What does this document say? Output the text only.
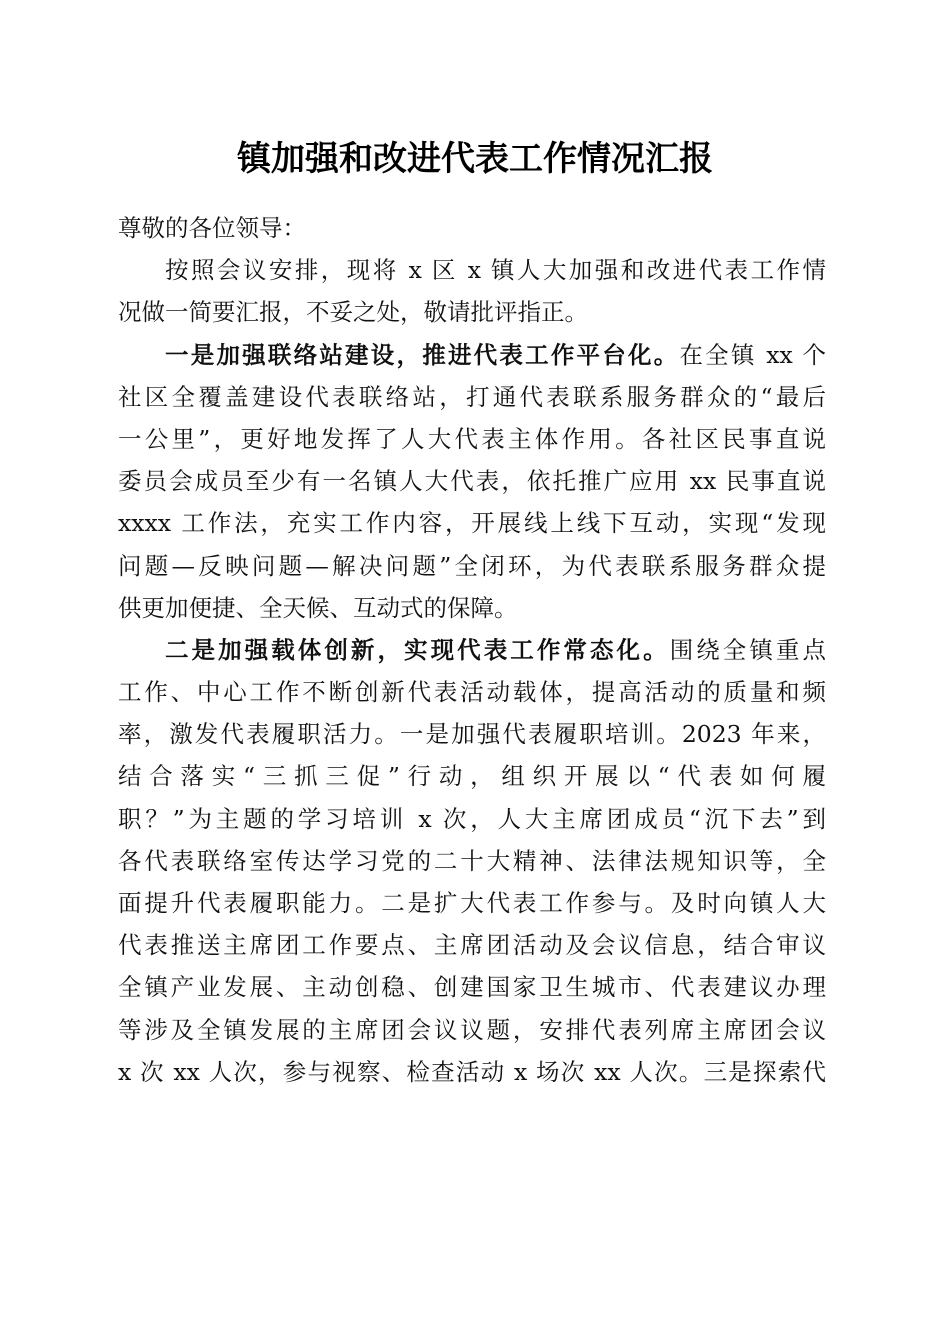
镇加强和改进代表工作情况汇报
尊敬的各位领导：
按照会议安排，现将 x 区 x 镇人大加强和改进代表工作情
况做一简要汇报，不妥之处，敬请批评指正。
一是加强联络站建设，推进代表工作平台化。在全镇 xx 个
社区全覆盖建设代表联络站，打通代表联系服务群众的“最后
一公里”，更好地发挥了人大代表主体作用。各社区民事直说
委员会成员至少有一名镇人大代表，依托推广应用 xx 民事直说
xxxx 工作法，充实工作内容，开展线上线下互动，实现“发现
问题—反映问题—解决问题”全闭环，为代表联系服务群众提
供更加便捷、全天候、互动式的保障。
二是加强载体创新，实现代表工作常态化。围绕全镇重点
工作、中心工作不断创新代表活动载体，提高活动的质量和频
率，激发代表履职活力。一是加强代表履职培训。2023 年来，
结合落实“三抓三促”行动，组织开展以“代表如何履
职？”为主题的学习培训 x 次，人大主席团成员“沉下去”到
各代表联络室传达学习党的二十大精神、法律法规知识等，全
面提升代表履职能力。二是扩大代表工作参与。及时向镇人大
代表推送主席团工作要点、主席团活动及会议信息，结合审议
全镇产业发展、主动创稳、创建国家卫生城市、代表建议办理
等涉及全镇发展的主席团会议议题，安排代表列席主席团会议
x 次 xx 人次，参与视察、检查活动 x 场次 xx 人次。三是探索代
